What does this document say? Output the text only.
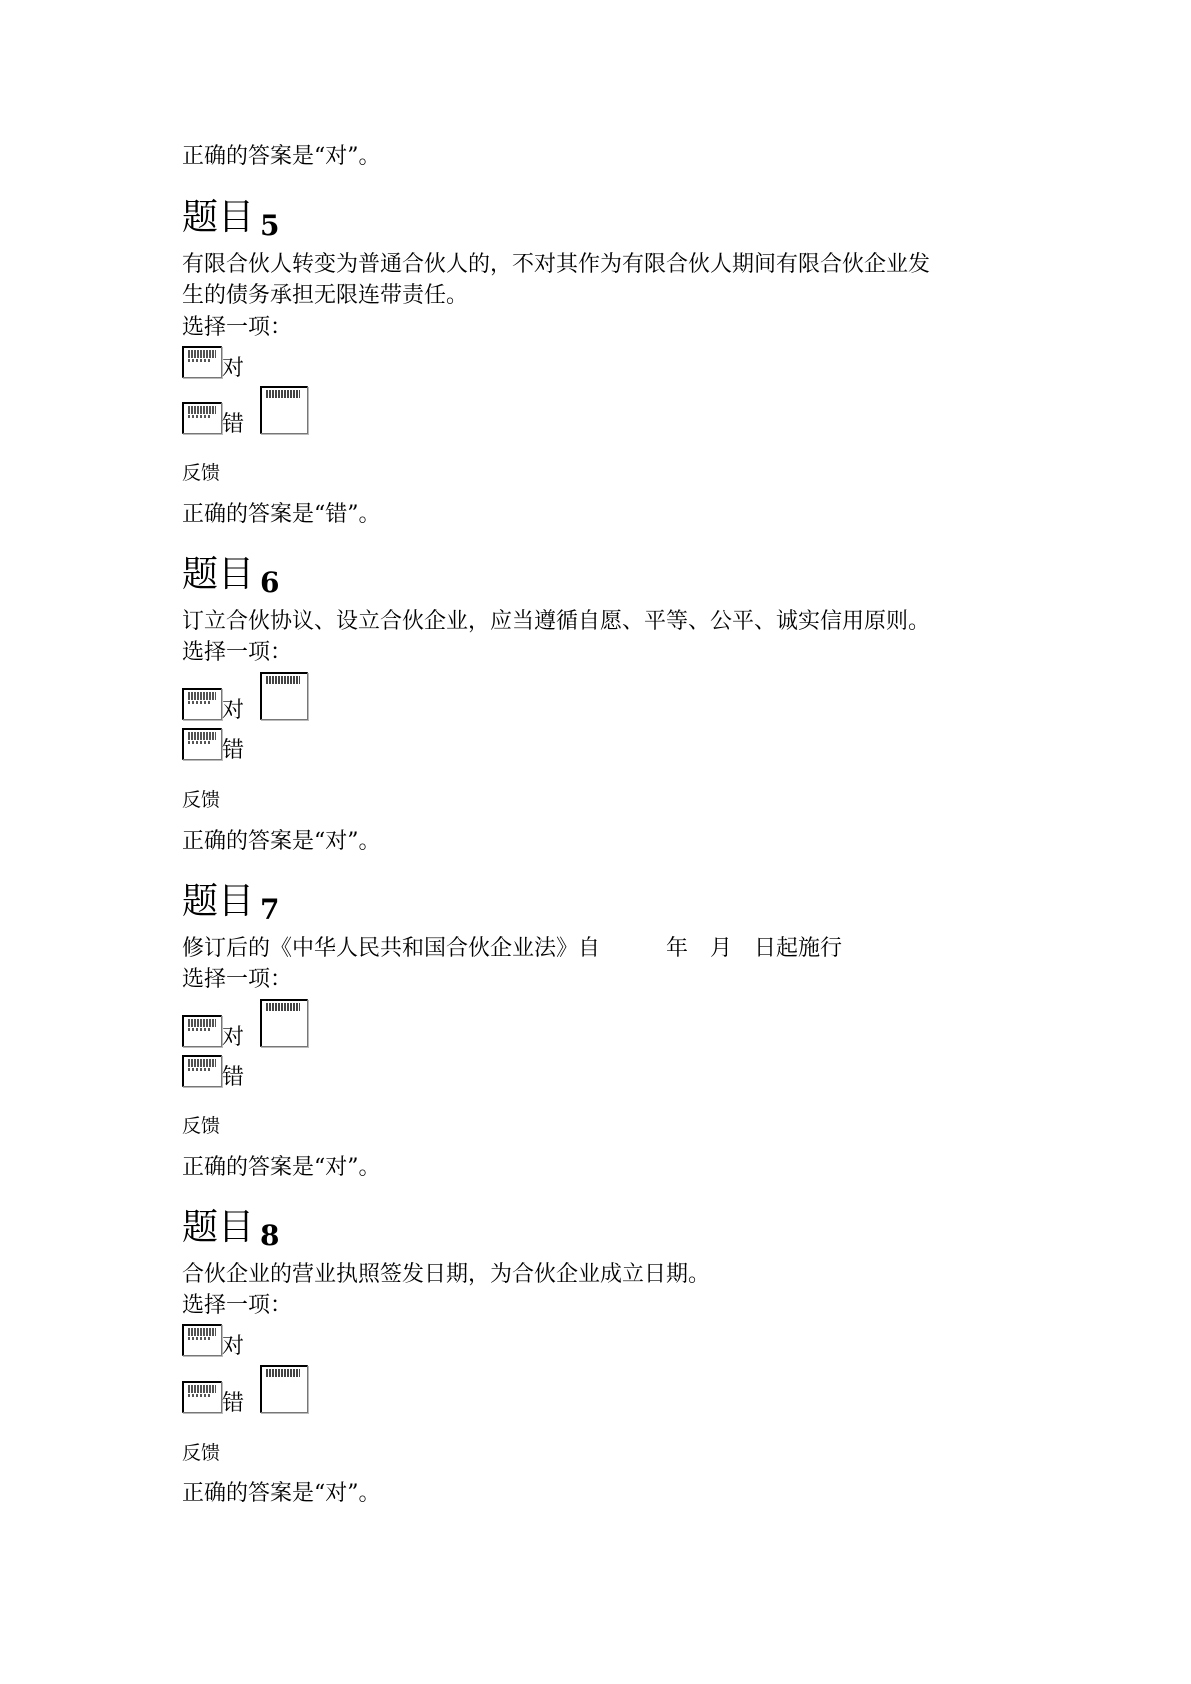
正确的答案是“对”。
题目 5
有限合伙人转变为普通合伙人的，不对其作为有限合伙人期间有限合伙企业发
生的债务承担无限连带责任。
选择一项：
对
错
反馈
正确的答案是“错”。
题目 6
订立合伙协议、设立合伙企业，应当遵循自愿、平等、公平、诚实信用原则。
选择一项：
对
错
反馈
正确的答案是“对”。
题目 7
修订后的《中华人民共和国合伙企业法》自　　　年　月　日起施行
选择一项：
对
错
反馈
正确的答案是“对”。
题目 8
合伙企业的营业执照签发日期，为合伙企业成立日期。
选择一项：
对
错
反馈
正确的答案是“对”。
